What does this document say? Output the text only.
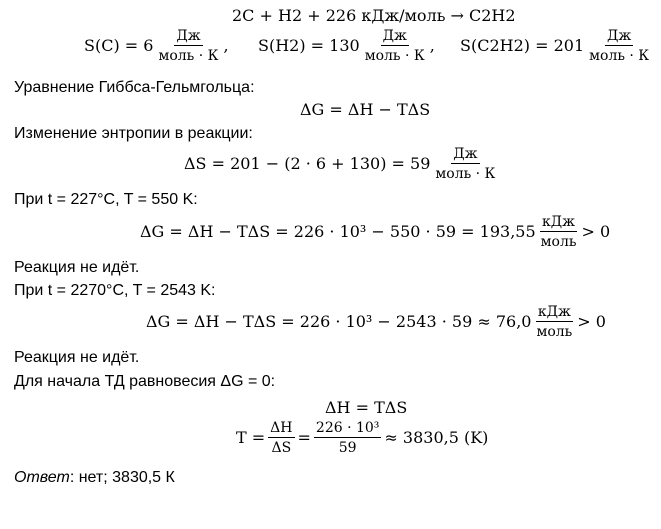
2C + H2 + 226 кДж/моль → C2H2
$S(C) = 6 \frac{Дж}{\text{моль · К}}$ , $S(H2) = 130 \frac{Дж}{\text{моль · К}}$ , $S(C2H2) = 201 \frac{Дж}{\text{моль · К}}$
Уравнение Гиббса-Гельмгольца:
ΔG = ΔH − TΔS
Изменение энтропии в реакции:
$\Delta S = 201 - (2 \cdot 6 + 130) = 59 \frac{Дж}{\text{моль · К}}$
При t = 227°C, T = 550 K:
$\Delta G = \Delta H - T\Delta S = 226 \cdot 10^3 - 550 \cdot 59 = 193,55 \frac{\text{кДж}}{\text{моль}} > 0$
Реакция не идёт.
При t = 2270°C, T = 2543 K:
$\Delta G = \Delta H - T\Delta S = 226 \cdot 10^3 - 2543 \cdot 59 \approx 76,0 \frac{\text{кДж}}{\text{моль}} > 0$
Реакция не идёт.
Для начала ТД равновесия ΔG = 0:
ΔH = TΔS
$T = \frac{\Delta H}{\Delta S} = \frac{\text{226 · 10³}}{59} \approx 3830,5$ (K)
Ответ: нет; 3830,5 К
